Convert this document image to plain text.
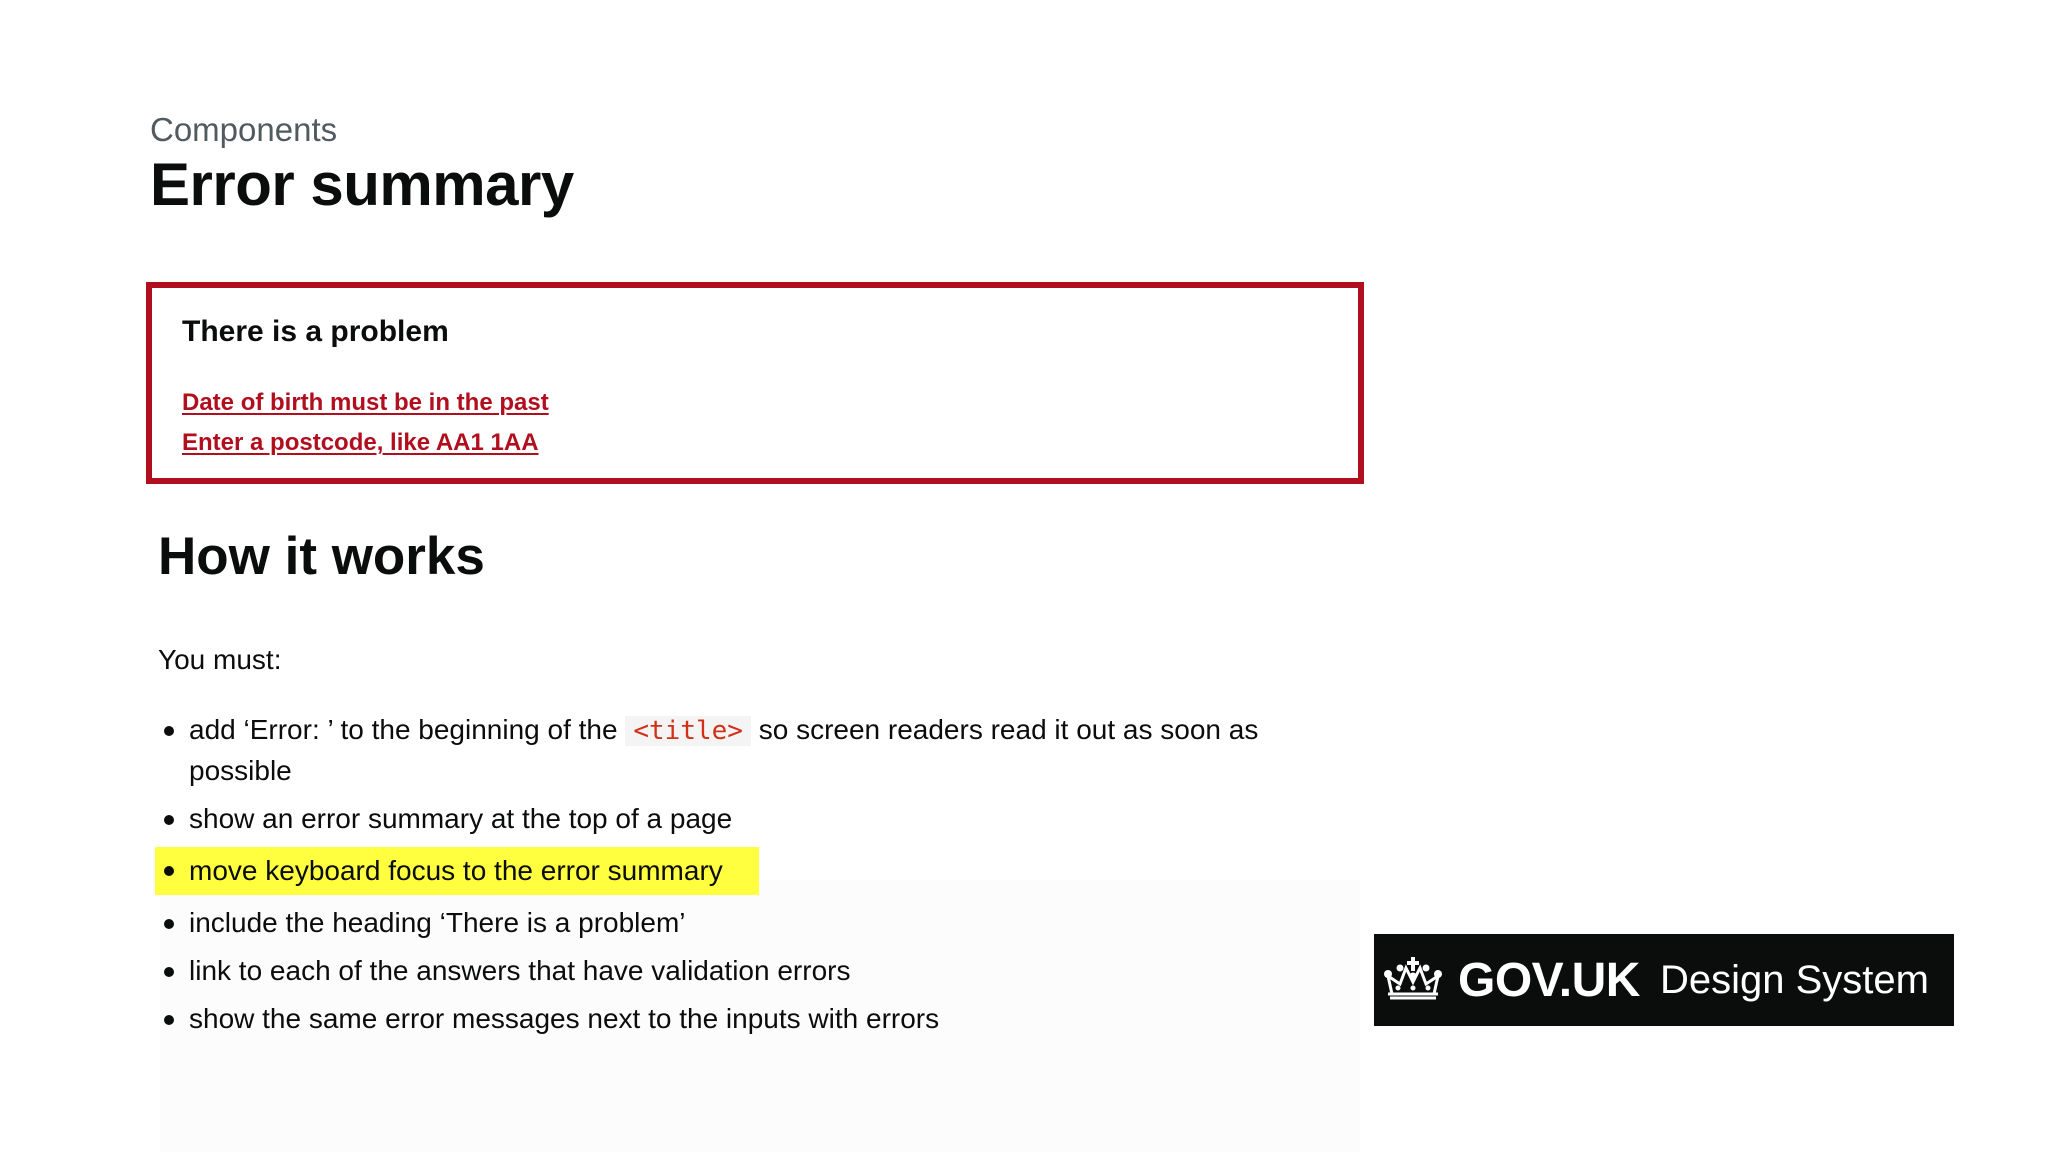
Components
Error summary
There is a problem
Date of birth must be in the past
Enter a postcode, like AA1 1AA
How it works
You must:
add ‘Error: ’ to the beginning of the <title> so screen readers read it out as soon as possible
show an error summary at the top of a page
move keyboard focus to the error summary
include the heading ‘There is a problem’
link to each of the answers that have validation errors
show the same error messages next to the inputs with errors
GOV.UK Design System
